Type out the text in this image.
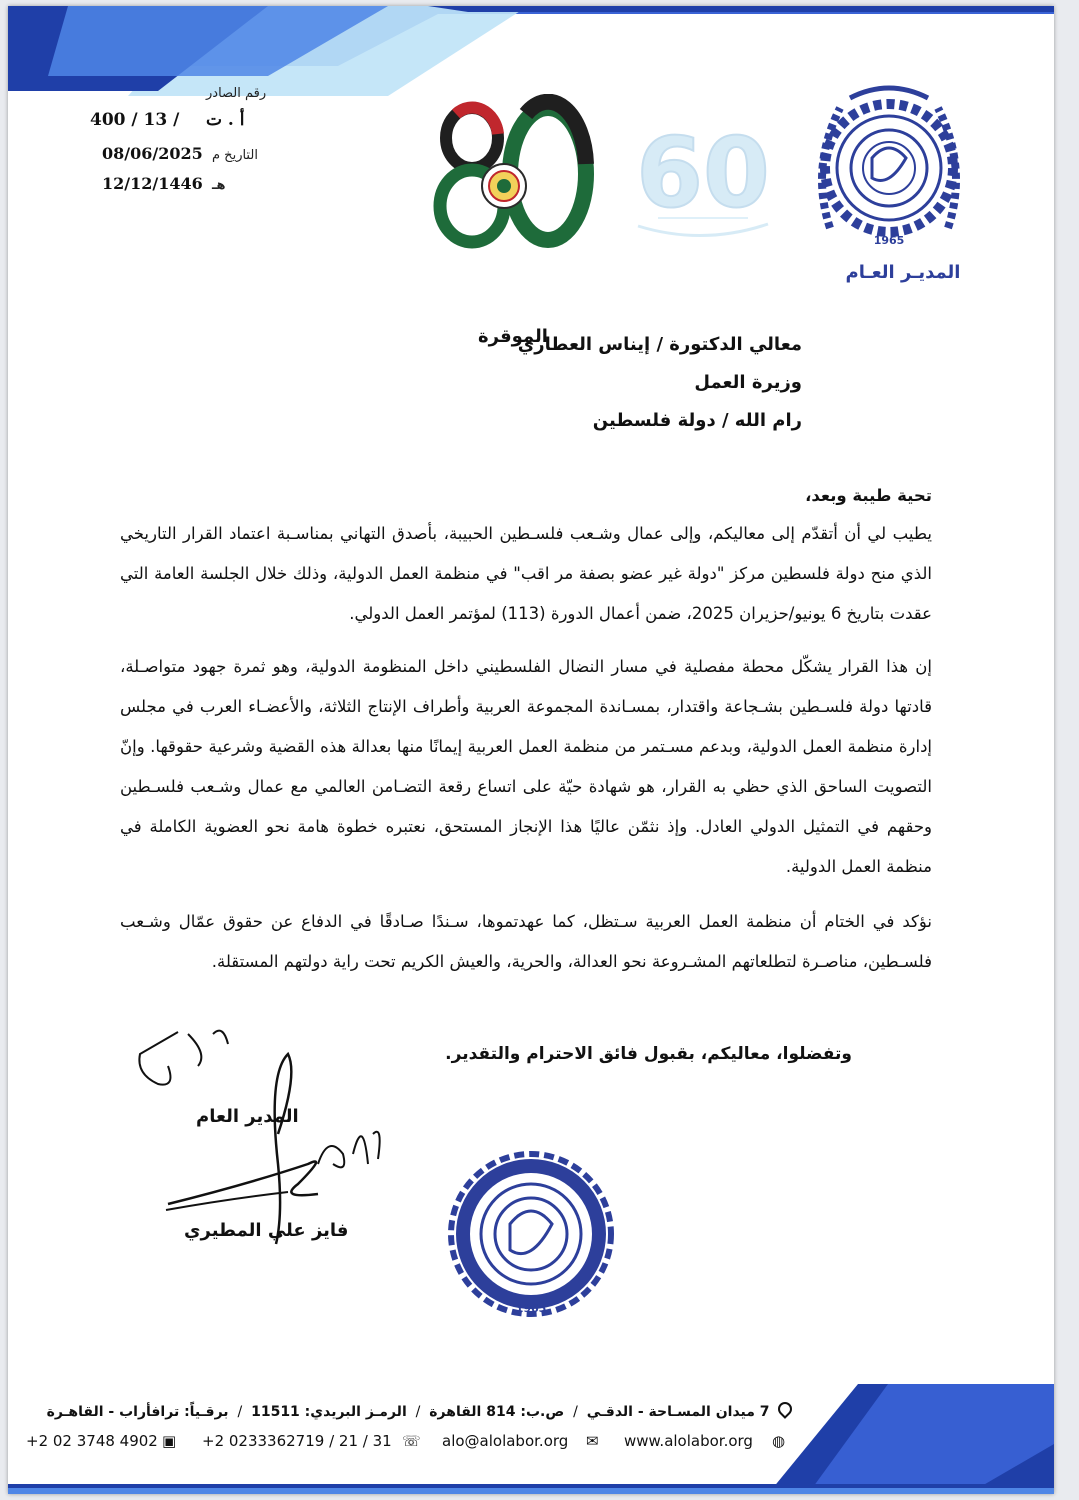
رقم الصادر
400 / 13 / أ . ت
التاريخ م
08/06/2025
هـ
12/12/1446
80 60
1965
المديـر العـام
معالي الدكتورة / إيناس العطاري
وزيرة العمل
رام الله / دولة فلسطين
الموقرة
تحية طيبة وبعد،
يطيب لي أن أتقدّم إلى معاليكم، وإلى عمال وشـعب فلسـطين الحبيبة، بأصدق التهاني بمناسـبة اعتماد القرار التاريخي الذي منح دولة فلسطين مركز "دولة غير عضو بصفة مر اقب" في منظمة العمل الدولية، وذلك خلال الجلسة العامة التي عقدت بتاريخ 6 يونيو/حزيران 2025، ضمن أعمال الدورة (113) لمؤتمر العمل الدولي.
إن هذا القرار يشكّل محطة مفصلية في مسار النضال الفلسطيني داخل المنظومة الدولية، وهو ثمرة جهود متواصـلة، قادتها دولة فلسـطين بشـجاعة واقتدار، بمسـاندة المجموعة العربية وأطراف الإنتاج الثلاثة، والأعضـاء العرب في مجلس إدارة منظمة العمل الدولية، وبدعم مسـتمر من منظمة العمل العربية إيمانًا منها بعدالة هذه القضية وشرعية حقوقها. وإنّ التصويت الساحق الذي حظي به القرار، هو شهادة حيّة على اتساع رقعة التضـامن العالمي مع عمال وشـعب فلسـطين وحقهم في التمثيل الدولي العادل. وإذ نثمّن عاليًا هذا الإنجاز المستحق، نعتبره خطوة هامة نحو العضوية الكاملة في منظمة العمل الدولية.
نؤكد في الختام أن منظمة العمل العربية سـتظل، كما عهدتموها، سـندًا صـادقًا في الدفاع عن حقوق عمّال وشـعب فلسـطين، مناصـرة لتطلعاتهم المشـروعة نحو العدالة، والحرية، والعيش الكريم تحت راية دولتهم المستقلة.
وتفضلوا، معاليكم، بقبول فائق الاحترام والتقدير.
المدير العام
فايز علي المطيري
1965
7 ميدان المسـاحة - الدقـي  /  ص.ب: 814 القاهرة  /  الرمـز البريدي: 11511  /  برقـياً: ترافأراب - القاهـرة
+2 02 3748 4902 ▣ +2 0233362719 / 21 / 31 ☏ alo@alolabor.org ✉ www.alolabor.org ◍
